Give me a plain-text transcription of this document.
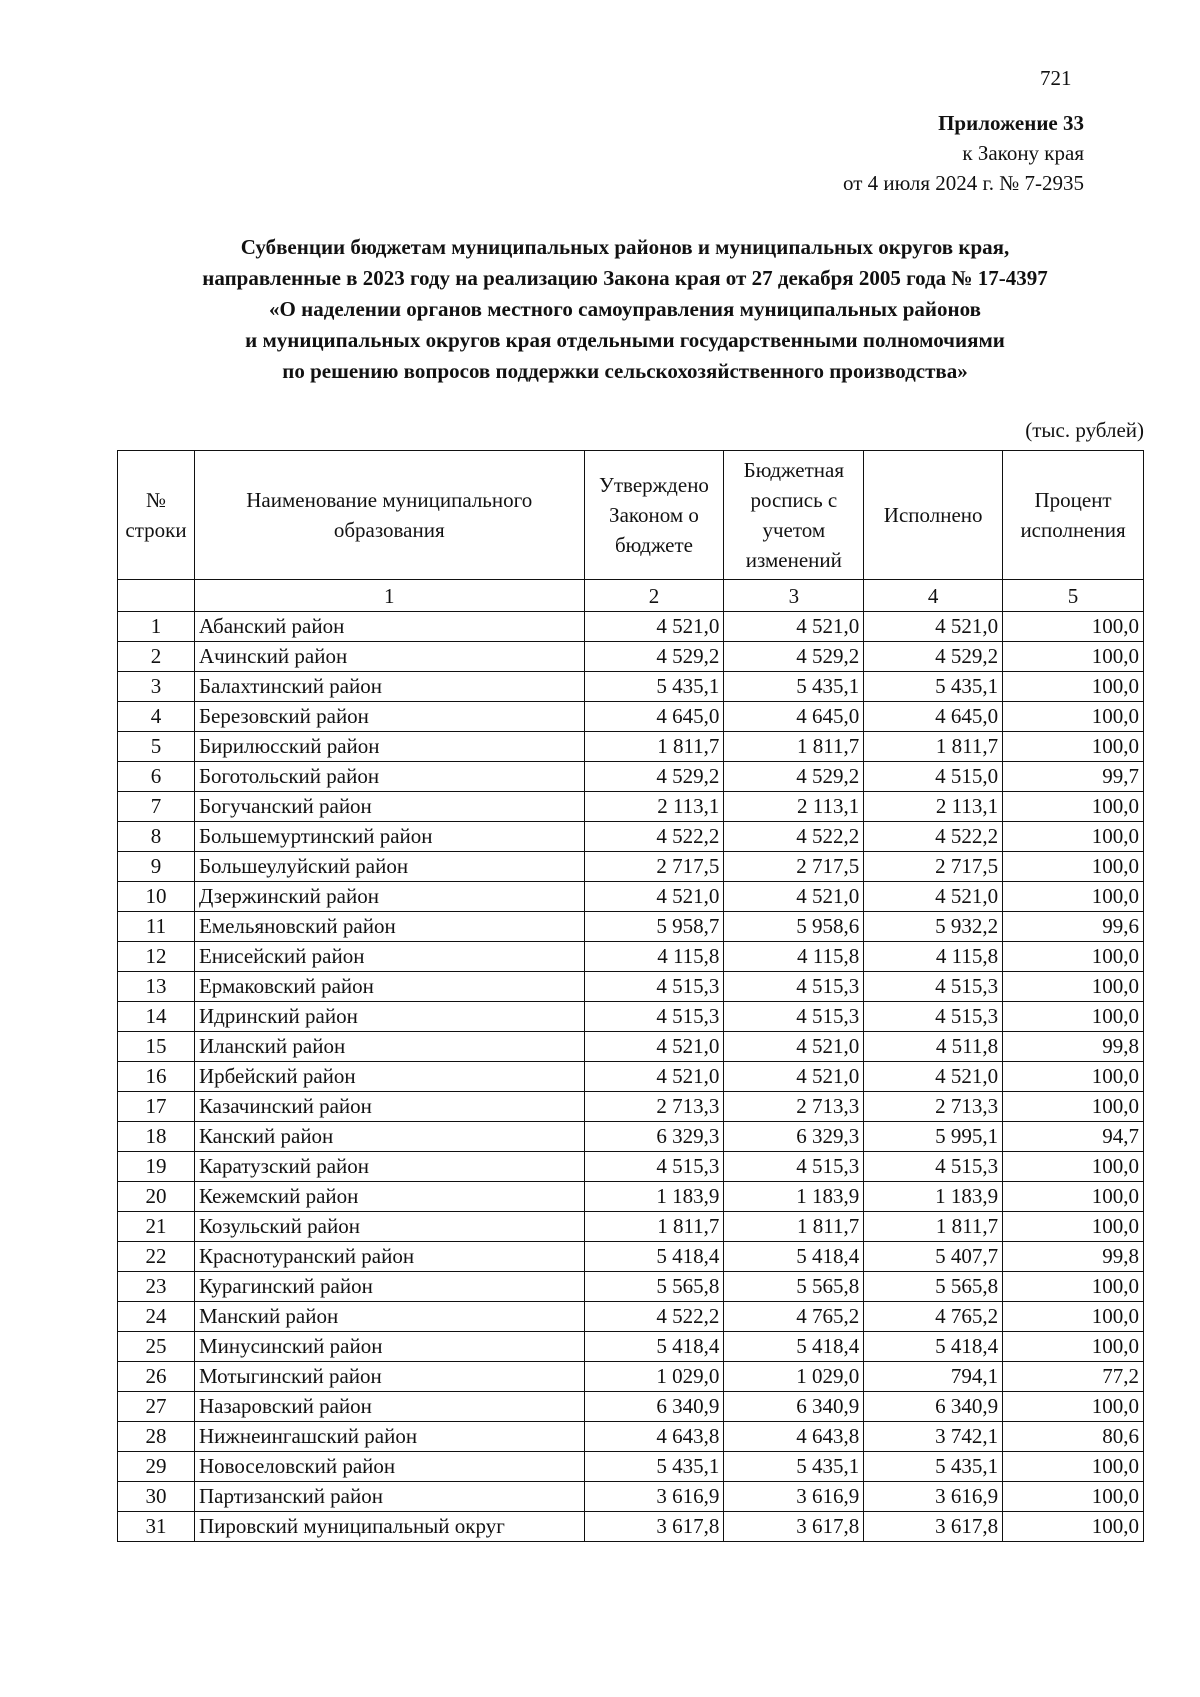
721
Приложение 33
к Закону края
от 4 июля 2024 г. № 7-2935
Субвенции бюджетам муниципальных районов и муниципальных округов края,
направленные в 2023 году на реализацию Закона края от 27 декабря 2005 года № 17-4397
«О наделении органов местного самоуправления муниципальных районов
и муниципальных округов края отдельными государственными полномочиями
по решению вопросов поддержки сельскохозяйственного производства»
(тыс. рублей)
№ строки	Наименование муниципального образования	Утверждено Законом о бюджете	Бюджетная роспись с учетом изменений	Исполнено	Процент исполнения
	1	2	3	4	5
1	Абанский район	4 521,0	4 521,0	4 521,0	100,0
2	Ачинский район	4 529,2	4 529,2	4 529,2	100,0
3	Балахтинский район	5 435,1	5 435,1	5 435,1	100,0
4	Березовский район	4 645,0	4 645,0	4 645,0	100,0
5	Бирилюсский район	1 811,7	1 811,7	1 811,7	100,0
6	Боготольский район	4 529,2	4 529,2	4 515,0	99,7
7	Богучанский район	2 113,1	2 113,1	2 113,1	100,0
8	Большемуртинский район	4 522,2	4 522,2	4 522,2	100,0
9	Большеулуйский район	2 717,5	2 717,5	2 717,5	100,0
10	Дзержинский район	4 521,0	4 521,0	4 521,0	100,0
11	Емельяновский район	5 958,7	5 958,6	5 932,2	99,6
12	Енисейский район	4 115,8	4 115,8	4 115,8	100,0
13	Ермаковский район	4 515,3	4 515,3	4 515,3	100,0
14	Идринский район	4 515,3	4 515,3	4 515,3	100,0
15	Иланский район	4 521,0	4 521,0	4 511,8	99,8
16	Ирбейский район	4 521,0	4 521,0	4 521,0	100,0
17	Казачинский район	2 713,3	2 713,3	2 713,3	100,0
18	Канский район	6 329,3	6 329,3	5 995,1	94,7
19	Каратузский район	4 515,3	4 515,3	4 515,3	100,0
20	Кежемский район	1 183,9	1 183,9	1 183,9	100,0
21	Козульский район	1 811,7	1 811,7	1 811,7	100,0
22	Краснотуранский район	5 418,4	5 418,4	5 407,7	99,8
23	Курагинский район	5 565,8	5 565,8	5 565,8	100,0
24	Манский район	4 522,2	4 765,2	4 765,2	100,0
25	Минусинский район	5 418,4	5 418,4	5 418,4	100,0
26	Мотыгинский район	1 029,0	1 029,0	794,1	77,2
27	Назаровский район	6 340,9	6 340,9	6 340,9	100,0
28	Нижнеингашский район	4 643,8	4 643,8	3 742,1	80,6
29	Новоселовский район	5 435,1	5 435,1	5 435,1	100,0
30	Партизанский район	3 616,9	3 616,9	3 616,9	100,0
31	Пировский муниципальный округ	3 617,8	3 617,8	3 617,8	100,0
